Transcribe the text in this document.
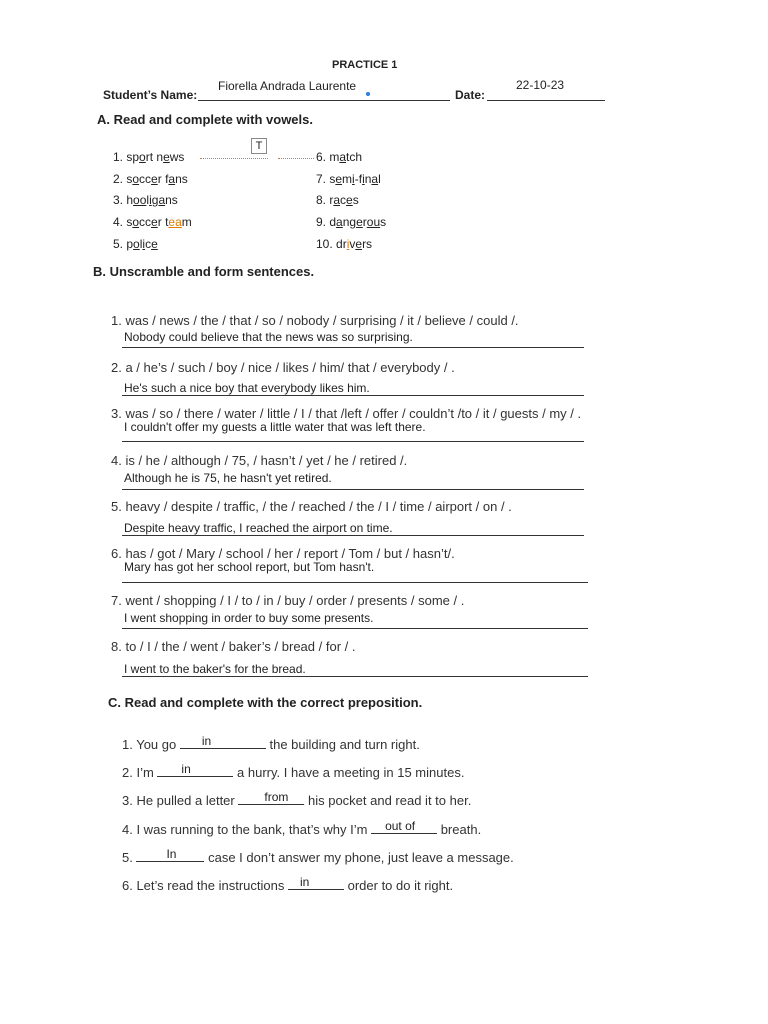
PRACTICE 1
Student’s Name:
Fiorella Andrada Laurente
Date:
22-10-23
A. Read and complete with vowels.
T
1. sport news
2. soccer fans
3. hooligans
4. soccer team
5. police
6. match
7. semi-final
8. races
9. dangerous
10. drivers
B. Unscramble and form sentences.
1. was / news / the / that / so / nobody / surprising / it / believe / could /.
Nobody could believe that the news was so surprising.
2. a / he’s / such / boy / nice / likes / him/ that / everybody / .
He's such a nice boy that everybody likes him.
3. was / so / there / water / little / I / that /left / offer / couldn’t /to / it / guests / my / .
I couldn't offer my guests a little water that was left there.
4. is / he / although / 75, / hasn’t / yet / he / retired /.
Although he is 75, he hasn't yet retired.
5. heavy / despite / traffic, / the / reached / the / I / time / airport / on / .
Despite heavy traffic, I reached the airport on time.
6. has / got / Mary / school / her / report / Tom / but / hasn’t/.
Mary has got her school report, but Tom hasn't.
7. went / shopping / I / to / in / buy / order / presents / some / .
I went shopping in order to buy some presents.
8. to / I / the / went / baker’s / bread / for / .
I went to the baker's for the bread.
C. Read and complete with the correct preposition.
1. You go in	the building and turn right.
2. I’m in	a hurry. I have a meeting in 15 minutes.
3. He pulled a letter from his pocket and read it to her.
4. I was running to the bank, that’s why I’m out of breath.
5.	In case I don’t answer my phone, just leave a message.
6. Let’s read the instructions in	order to do it right.
